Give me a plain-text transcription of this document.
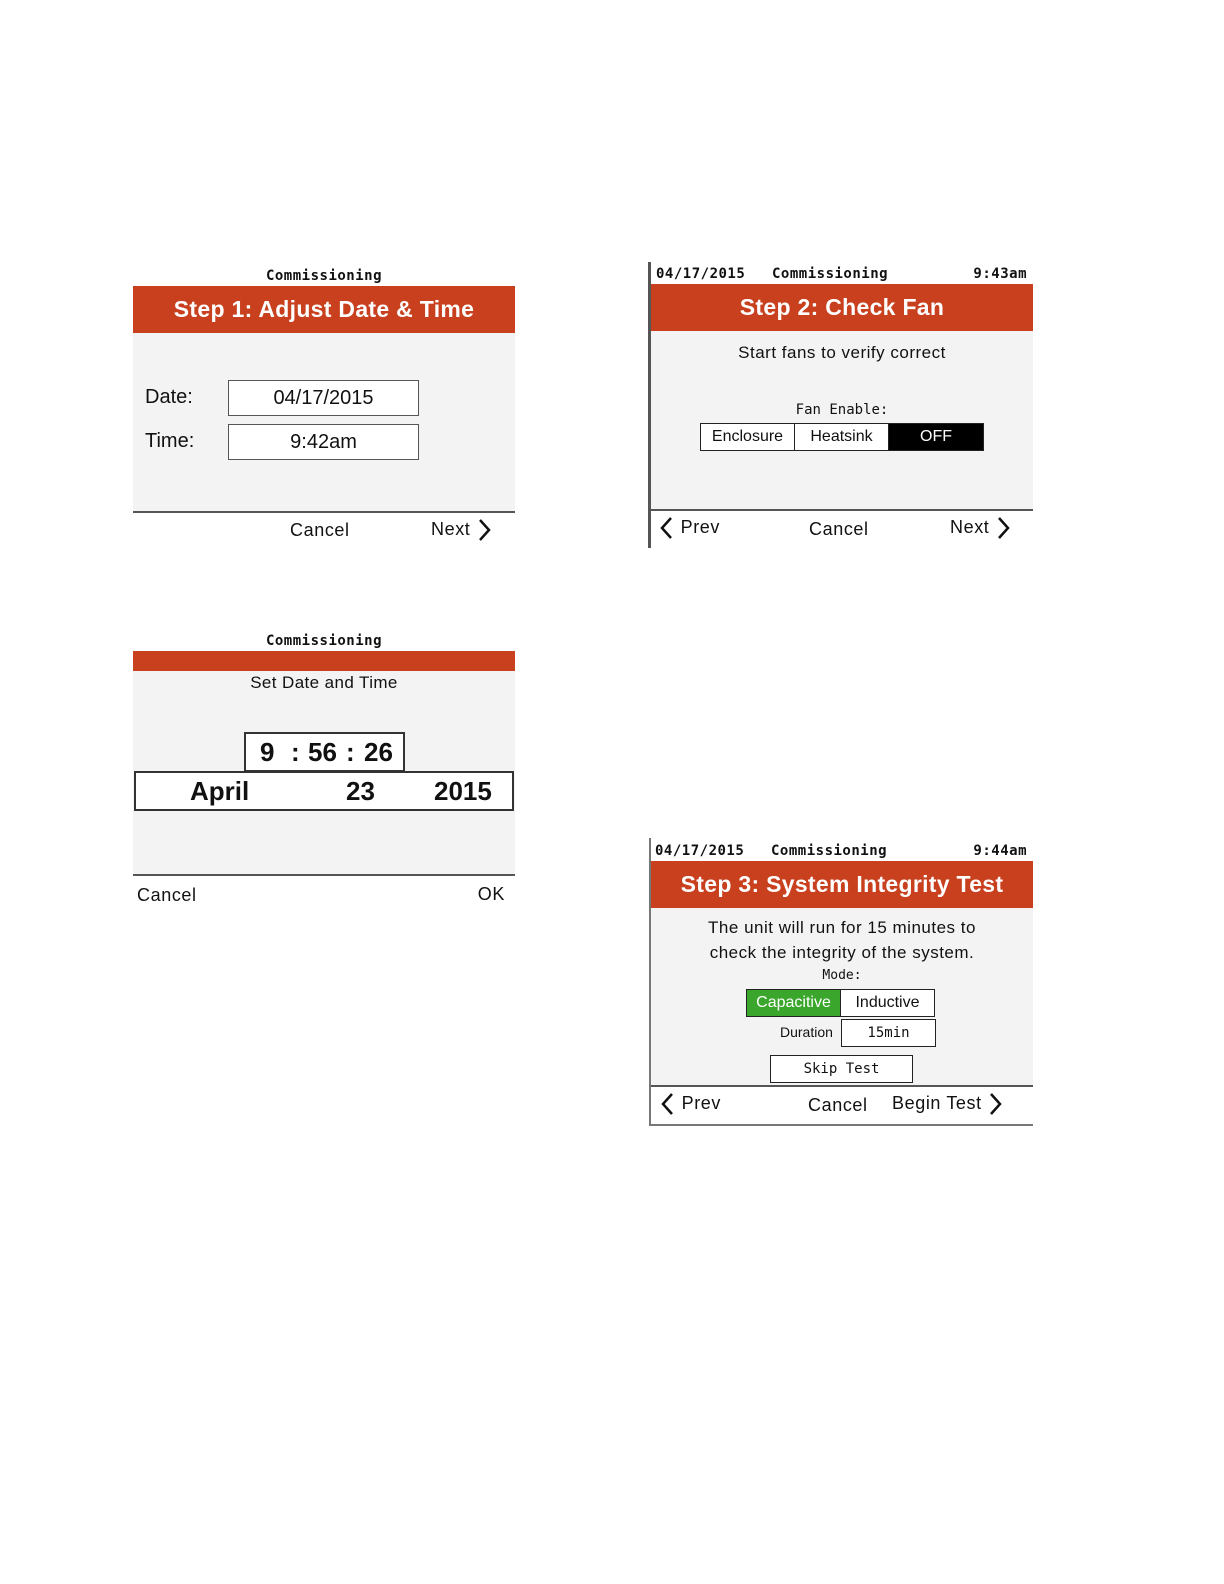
Commissioning
Step 1: Adjust Date & Time
Date:	04/17/2015
Time:	9:42am
Cancel	Next
04/17/2015 Commissioning	9:43am
Step 2: Check Fan
Start fans to verify correct
Fan Enable:
Enclosure	Heatsink	OFF
Prev	Cancel	Next
Commissioning
Set Date and Time
9 : 56 : 26
April	23 2015
Cancel	OK
04/17/2015 Commissioning	9:44am
Step 3: System Integrity Test
The unit will run for 15 minutes to
check the integrity of the system.
Mode:
Capacitive	Inductive
Duration	15min
Skip Test
Prev	Cancel Begin Test
